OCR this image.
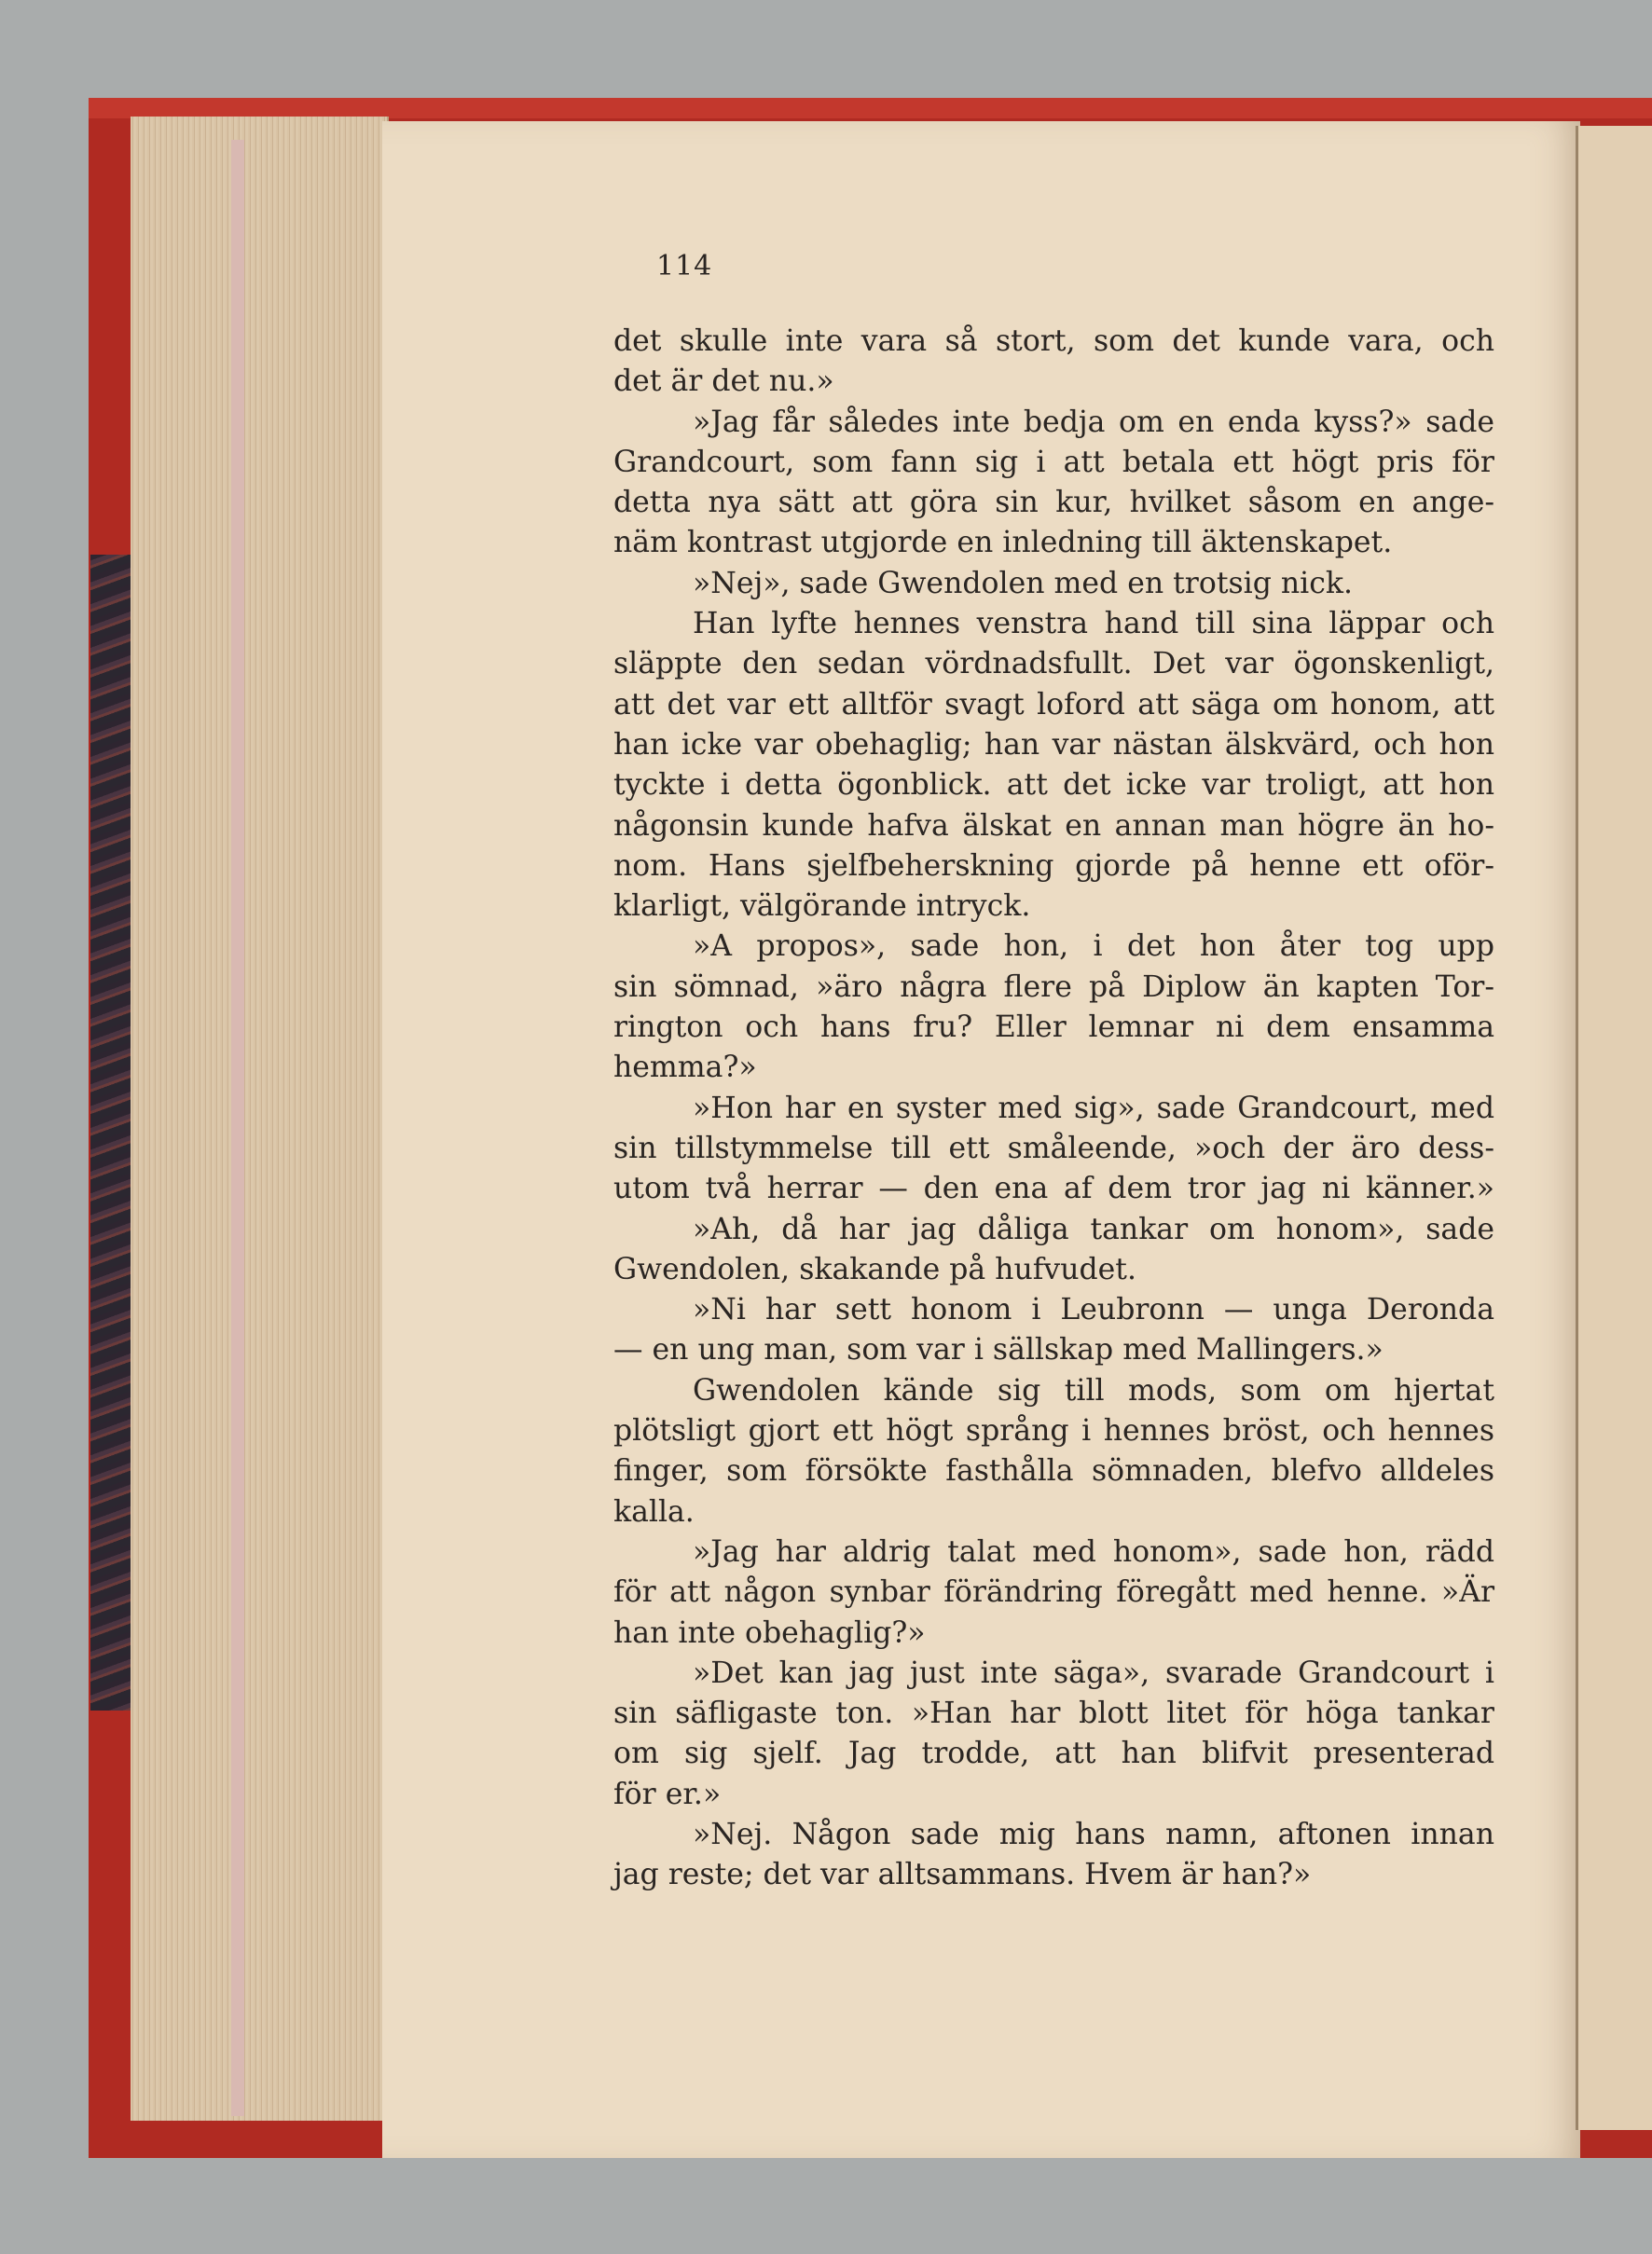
114
det skulle inte vara så stort, som det kunde vara, och
det är det nu.»
»Jag får således inte bedja om en enda kyss?» sade
Grandcourt, som fann sig i att betala ett högt pris för
detta nya sätt att göra sin kur, hvilket såsom en ange-
näm kontrast utgjorde en inledning till äktenskapet.
»Nej», sade Gwendolen med en trotsig nick.
Han lyfte hennes venstra hand till sina läppar och
släppte den sedan vördnadsfullt. Det var ögonskenligt,
att det var ett alltför svagt loford att säga om honom, att
han icke var obehaglig; han var nästan älskvärd, och hon
tyckte i detta ögonblick. att det icke var troligt, att hon
någonsin kunde hafva älskat en annan man högre än ho-
nom. Hans sjelfbeherskning gjorde på henne ett oför-
klarligt, välgörande intryck.
»A propos», sade hon, i det hon åter tog upp
sin sömnad, »äro några flere på Diplow än kapten Tor-
rington och hans fru? Eller lemnar ni dem ensamma
hemma?»
»Hon har en syster med sig», sade Grandcourt, med
sin tillstymmelse till ett småleende, »och der äro dess-
utom två herrar — den ena af dem tror jag ni känner.»
»Ah, då har jag dåliga tankar om honom», sade
Gwendolen, skakande på hufvudet.
»Ni har sett honom i Leubronn — unga Deronda
— en ung man, som var i sällskap med Mallingers.»
Gwendolen kände sig till mods, som om hjertat
plötsligt gjort ett högt språng i hennes bröst, och hennes
finger, som försökte fasthålla sömnaden, blefvo alldeles
kalla.
»Jag har aldrig talat med honom», sade hon, rädd
för att någon synbar förändring föregått med henne. »Är
han inte obehaglig?»
»Det kan jag just inte säga», svarade Grandcourt i
sin säfligaste ton. »Han har blott litet för höga tankar
om sig sjelf. Jag trodde, att han blifvit presenterad
för er.»
»Nej. Någon sade mig hans namn, aftonen innan
jag reste; det var alltsammans. Hvem är han?»
